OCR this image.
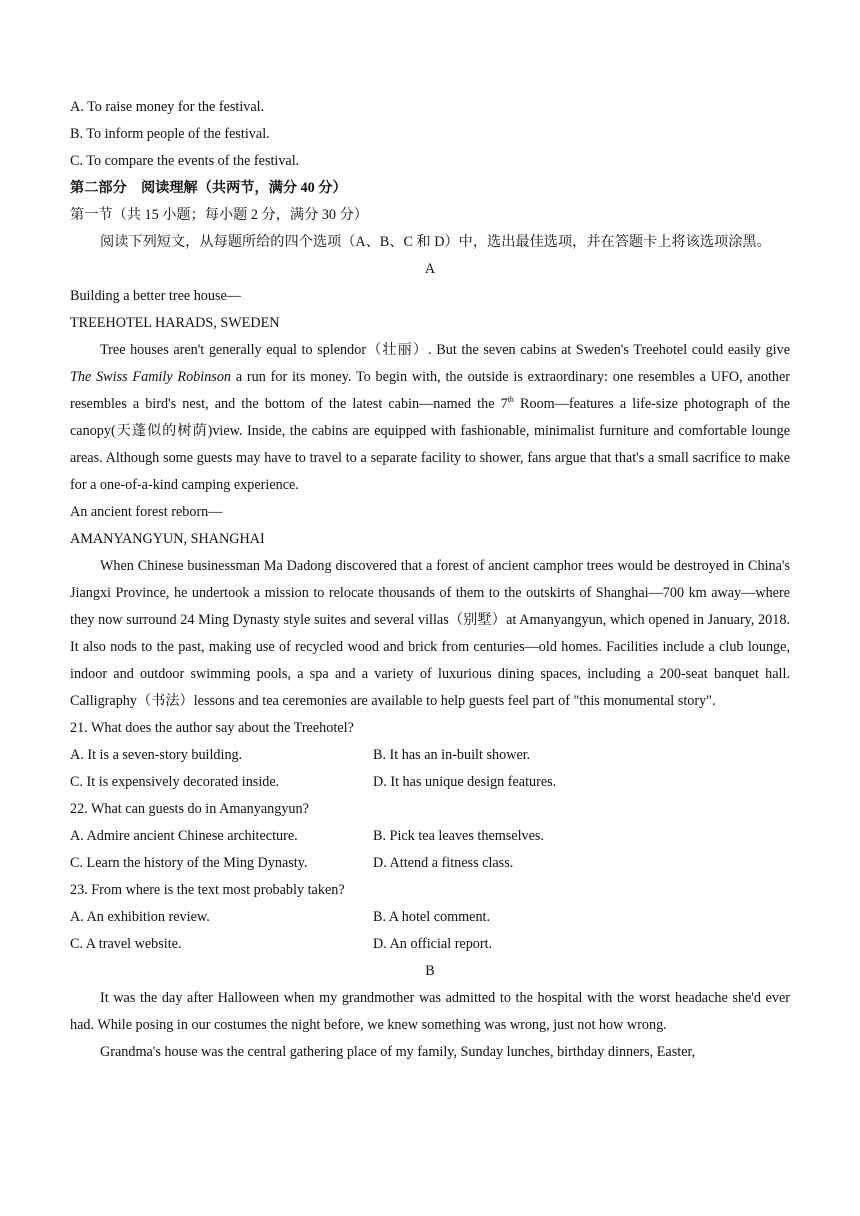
A. To raise money for the festival.

B. To inform people of the festival.

C. To compare the events of the festival.

第二部分　阅读理解（共两节，满分 40 分）

第一节（共 15 小题；每小题 2 分，满分 30 分）

阅读下列短文，从每题所给的四个选项（A、B、C 和 D）中，选出最佳选项，并在答题卡上将该选项涂黑。

A

Building a better tree house—

TREEHOTEL HARADS, SWEDEN

Tree houses aren't generally equal to splendor（壮丽）. But the seven cabins at Sweden's Treehotel could easily give The Swiss Family Robinson a run for its money. To begin with, the outside is extraordinary: one resembles a UFO, another resembles a bird's nest, and the bottom of the latest cabin—named the 7th Room—features a life-size photograph of the canopy(天蓬似的树荫)view. Inside, the cabins are equipped with fashionable, minimalist furniture and comfortable lounge areas. Although some guests may have to travel to a separate facility to shower, fans argue that that's a small sacrifice to make for a one-of-a-kind camping experience.

An ancient forest reborn—

AMANYANGYUN, SHANGHAI

When Chinese businessman Ma Dadong discovered that a forest of ancient camphor trees would be destroyed in China's Jiangxi Province, he undertook a mission to relocate thousands of them to the outskirts of Shanghai—700 km away—where they now surround 24 Ming Dynasty style suites and several villas（别墅）at Amanyangyun, which opened in January, 2018. It also nods to the past, making use of recycled wood and brick from centuries—old homes. Facilities include a club lounge, indoor and outdoor swimming pools, a spa and a variety of luxurious dining spaces, including a 200-seat banquet hall. Calligraphy（书法）lessons and tea ceremonies are available to help guests feel part of "this monumental story".

21. What does the author say about the Treehotel?

A. It is a seven-story building.	B. It has an in-built shower.
C. It is expensively decorated inside.	D. It has unique design features.

22. What can guests do in Amanyangyun?

A. Admire ancient Chinese architecture.	B. Pick tea leaves themselves.
C. Learn the history of the Ming Dynasty.	D. Attend a fitness class.

23. From where is the text most probably taken?

A. An exhibition review.	B. A hotel comment.
C. A travel website.	D. An official report.

B

It was the day after Halloween when my grandmother was admitted to the hospital with the worst headache she'd ever had. While posing in our costumes the night before, we knew something was wrong, just not how wrong.

Grandma's house was the central gathering place of my family, Sunday lunches, birthday dinners, Easter,
